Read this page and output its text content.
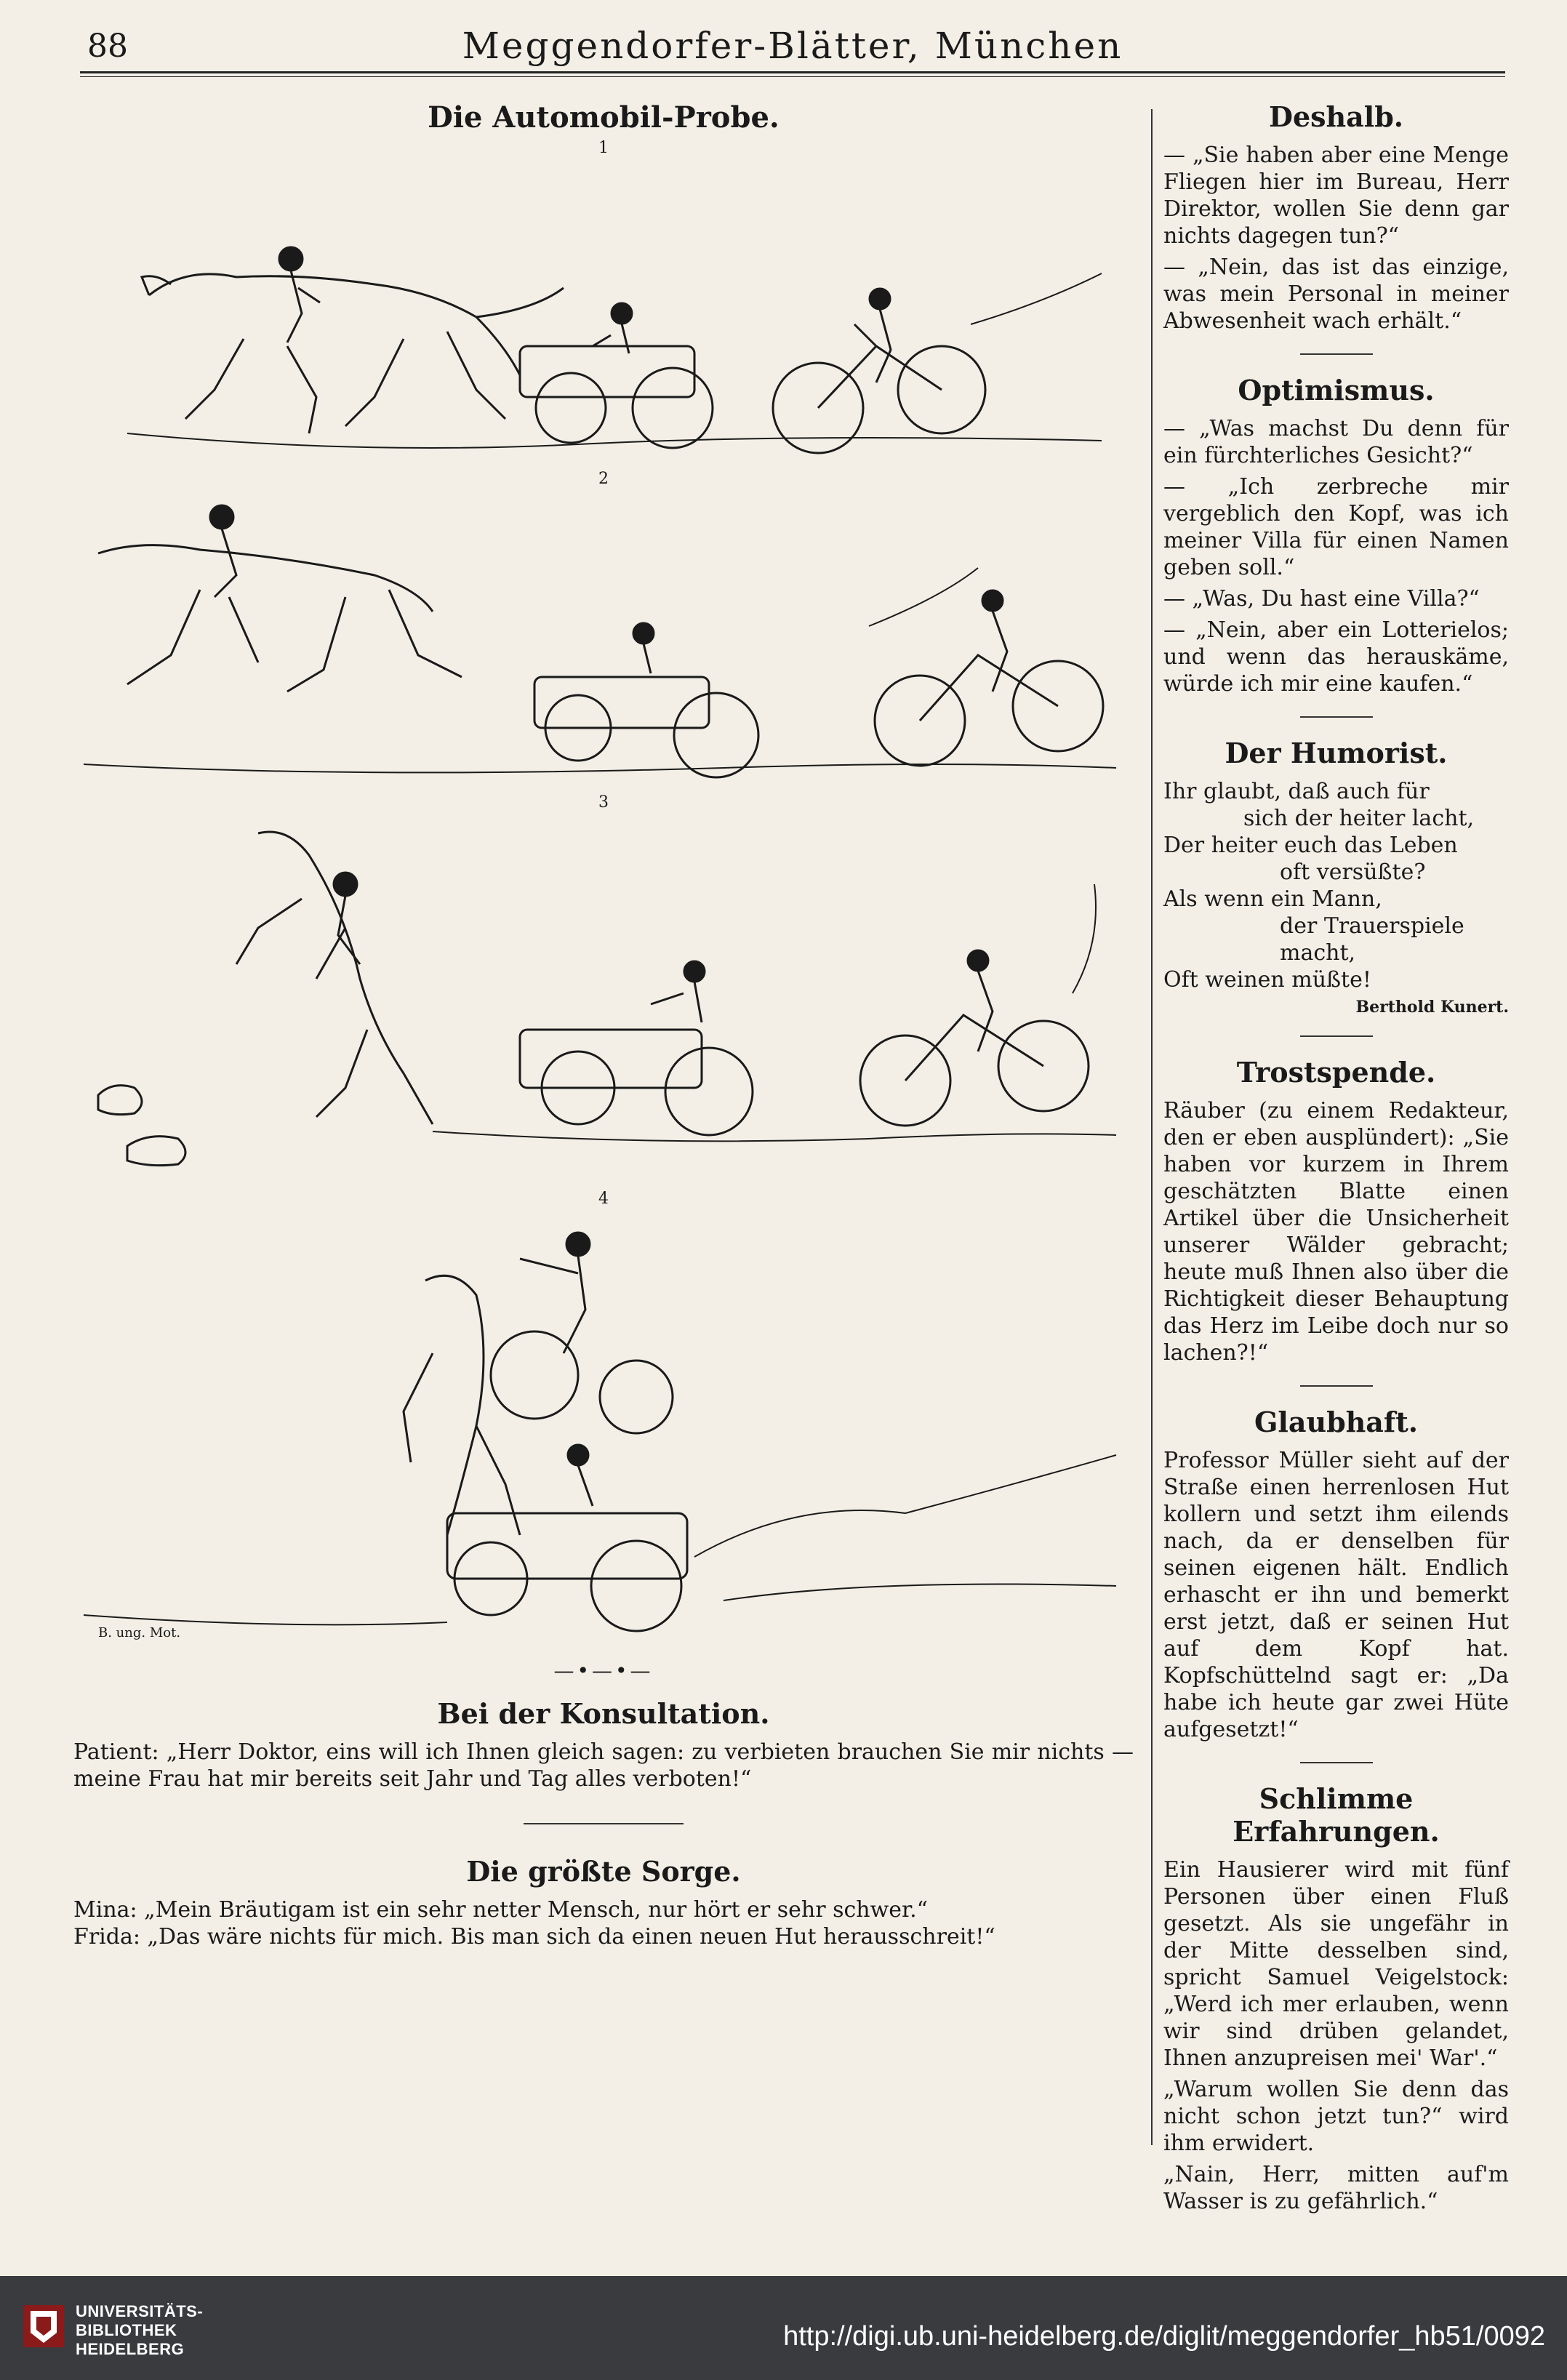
88	Meggendorfer-Blätter, München
Die Automobil-Probe.
1
2
3
4
B. ung. Mot.
—•—•—
Bei der Konsultation.

Patient: „Herr Doktor, eins will ich Ihnen gleich sagen: zu verbieten brauchen Sie mir nichts — meine Frau hat mir bereits seit Jahr und Tag alles verboten!“

Die größte Sorge.

Mina: „Mein Bräutigam ist ein sehr netter Mensch, nur hört er sehr schwer.“

Frida: „Das wäre nichts für mich. Bis man sich da einen neuen Hut herausschreit!“

Deshalb.

— „Sie haben aber eine Menge Fliegen hier im Bureau, Herr Direktor, wollen Sie denn gar nichts dagegen tun?“

— „Nein, das ist das einzige, was mein Personal in meiner Abwesenheit wach erhält.“

Optimismus.

— „Was machst Du denn für ein fürchterliches Gesicht?“

— „Ich zerbreche mir vergeblich den Kopf, was ich meiner Villa für einen Namen geben soll.“

— „Was, Du hast eine Villa?“

— „Nein, aber ein Lotterielos; und wenn das herauskäme, würde ich mir eine kaufen.“

Der Humorist.

Ihr glaubt, daß auch für

sich der heiter lacht,

Der heiter euch das Leben

oft versüßte?

Als wenn ein Mann,

der Trauerspiele macht,

Oft weinen müßte!

Berthold Kunert.

Trostspende.

Räuber (zu einem Redakteur, den er eben ausplündert): „Sie haben vor kurzem in Ihrem geschätzten Blatte einen Artikel über die Unsicherheit unserer Wälder gebracht; heute muß Ihnen also über die Richtigkeit dieser Behauptung das Herz im Leibe doch nur so lachen?!“

Glaubhaft.

Professor Müller sieht auf der Straße einen herrenlosen Hut kollern und setzt ihm eilends nach, da er denselben für seinen eigenen hält. Endlich erhascht er ihn und bemerkt erst jetzt, daß er seinen Hut auf dem Kopf hat. Kopfschüttelnd sagt er: „Da habe ich heute gar zwei Hüte aufgesetzt!“

Schlimme Erfahrungen.

Ein Hausierer wird mit fünf Personen über einen Fluß gesetzt. Als sie ungefähr in der Mitte desselben sind, spricht Samuel Veigelstock: „Werd ich mer erlauben, wenn wir sind drüben gelandet, Ihnen anzupreisen mei' War'.“

„Warum wollen Sie denn das nicht schon jetzt tun?“ wird ihm erwidert.

„Nain, Herr, mitten auf'm Wasser is zu gefährlich.“

UNIVERSITÄTS-
BIBLIOTHEK
HEIDELBERG	http://digi.ub.uni-heidelberg.de/diglit/meggendorfer_hb51/0092
